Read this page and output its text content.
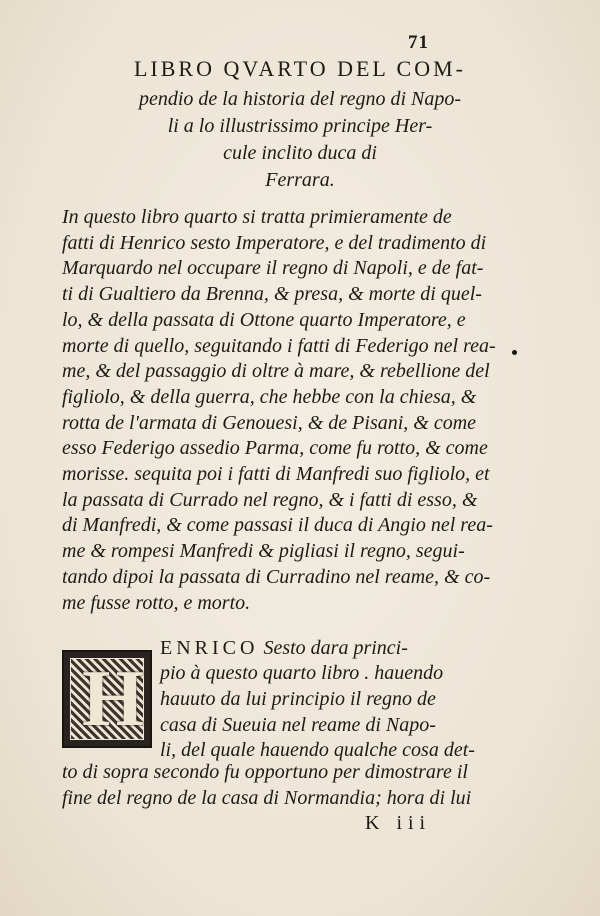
71
LIBRO QVARTO DEL COM-
pendio de la historia del regno di Napo-
li a lo illustrissimo principe Her-
cule inclito duca di
Ferrara.
In questo libro quarto si tratta primieramente de
fatti di Henrico sesto Imperatore, e del tradimento di
Marquardo nel occupare il regno di Napoli, e de fat-
ti di Gualtiero da Brenna, & presa, & morte di quel-
lo, & della passata di Ottone quarto Imperatore, e
morte di quello, seguitando i fatti di Federigo nel rea-
me, & del passaggio di oltre à mare, & rebellione del
figliolo, & della guerra, che hebbe con la chiesa, &
rotta de l'armata di Genouesi, & de Pisani, & come
esso Federigo assedio Parma, come fu rotto, & come
morisse. sequita poi i fatti di Manfredi suo figliolo, et
la passata di Currado nel regno, & i fatti di esso, &
di Manfredi, & come passasi il duca di Angio nel rea-
me & rompesi Manfredi & pigliasi il regno, segui-
tando dipoi la passata di Curradino nel reame, & co-
me fusse rotto, e morto.
H
ENRICO Sesto dara princi-
pio à questo quarto libro . hauendo
hauuto da lui principio il regno de
casa di Sueuia nel reame di Napo-
li, del quale hauendo qualche cosa det-
to di sopra secondo fu opportuno per dimostrare il
fine del regno de la casa di Normandia; hora di lui
K iii
